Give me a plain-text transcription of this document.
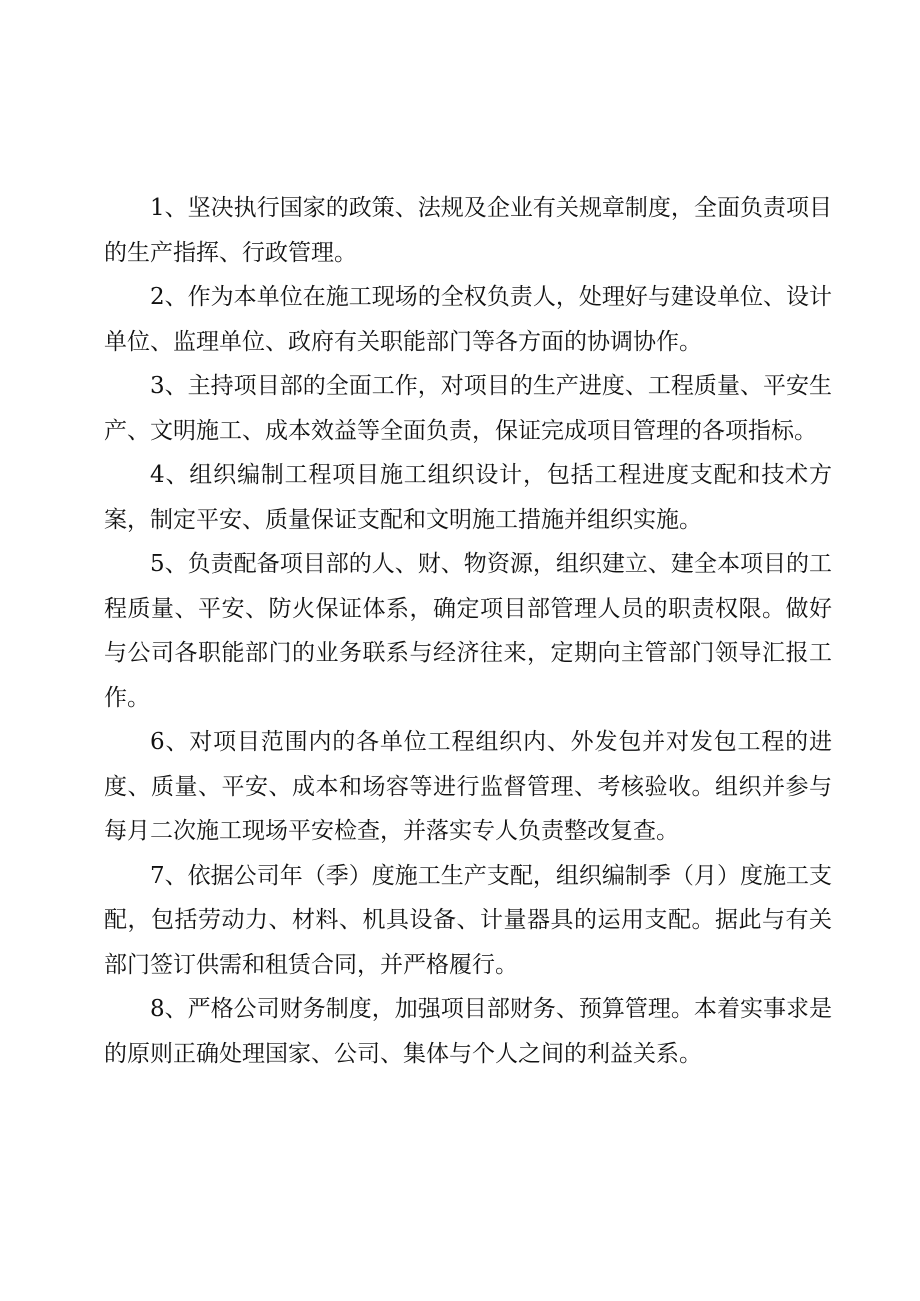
1、坚决执行国家的政策、法规及企业有关规章制度，全面负责项目的生产指挥、行政管理。

2、作为本单位在施工现场的全权负责人，处理好与建设单位、设计单位、监理单位、政府有关职能部门等各方面的协调协作。

3、主持项目部的全面工作，对项目的生产进度、工程质量、平安生产、文明施工、成本效益等全面负责，保证完成项目管理的各项指标。

4、组织编制工程项目施工组织设计，包括工程进度支配和技术方案，制定平安、质量保证支配和文明施工措施并组织实施。

5、负责配备项目部的人、财、物资源，组织建立、建全本项目的工程质量、平安、防火保证体系，确定项目部管理人员的职责权限。做好与公司各职能部门的业务联系与经济往来，定期向主管部门领导汇报工作。

6、对项目范围内的各单位工程组织内、外发包并对发包工程的进度、质量、平安、成本和场容等进行监督管理、考核验收。组织并参与每月二次施工现场平安检查，并落实专人负责整改复查。

7、依据公司年（季）度施工生产支配，组织编制季（月）度施工支配，包括劳动力、材料、机具设备、计量器具的运用支配。据此与有关部门签订供需和租赁合同，并严格履行。

8、严格公司财务制度，加强项目部财务、预算管理。本着实事求是的原则正确处理国家、公司、集体与个人之间的利益关系。
